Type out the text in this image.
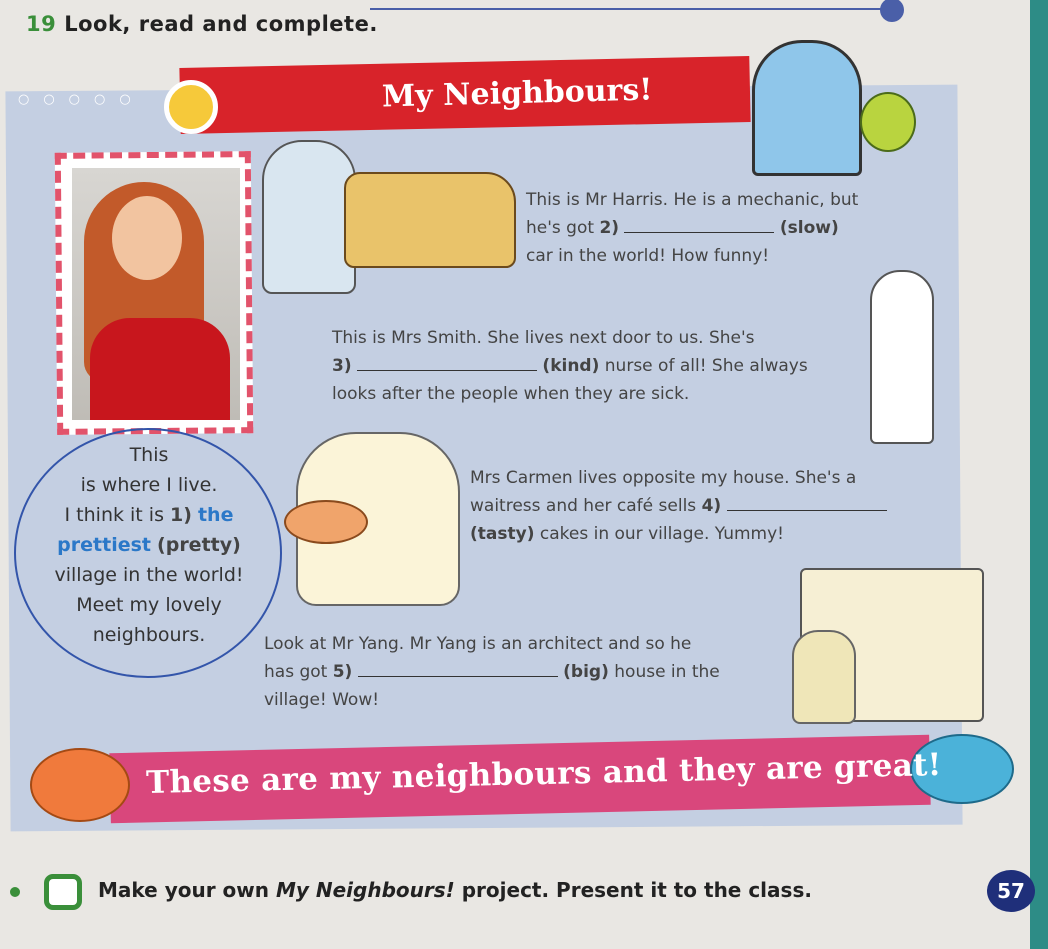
19 Look, read and complete.
○○○○○	My Neighbours!
This
is where I live.
I think it is 1) the prettiest (pretty)
village in the world!
Meet my lovely
neighbours.
This is Mr Harris. He is a mechanic, but
he's got 2)	(slow)
car in the world! How funny!
This is Mrs Smith. She lives next door to us. She's
3)	(kind) nurse of all! She always
looks after the people when they are sick.
Mrs Carmen lives opposite my house. She's a
waitress and her café sells 4)
(tasty) cakes in our village. Yummy!
Look at Mr Yang. Mr Yang is an architect and so he
has got 5)	(big) house in the
village! Wow!
These are my neighbours and they are great!
Make your own My Neighbours! project. Present it to the class.	57
